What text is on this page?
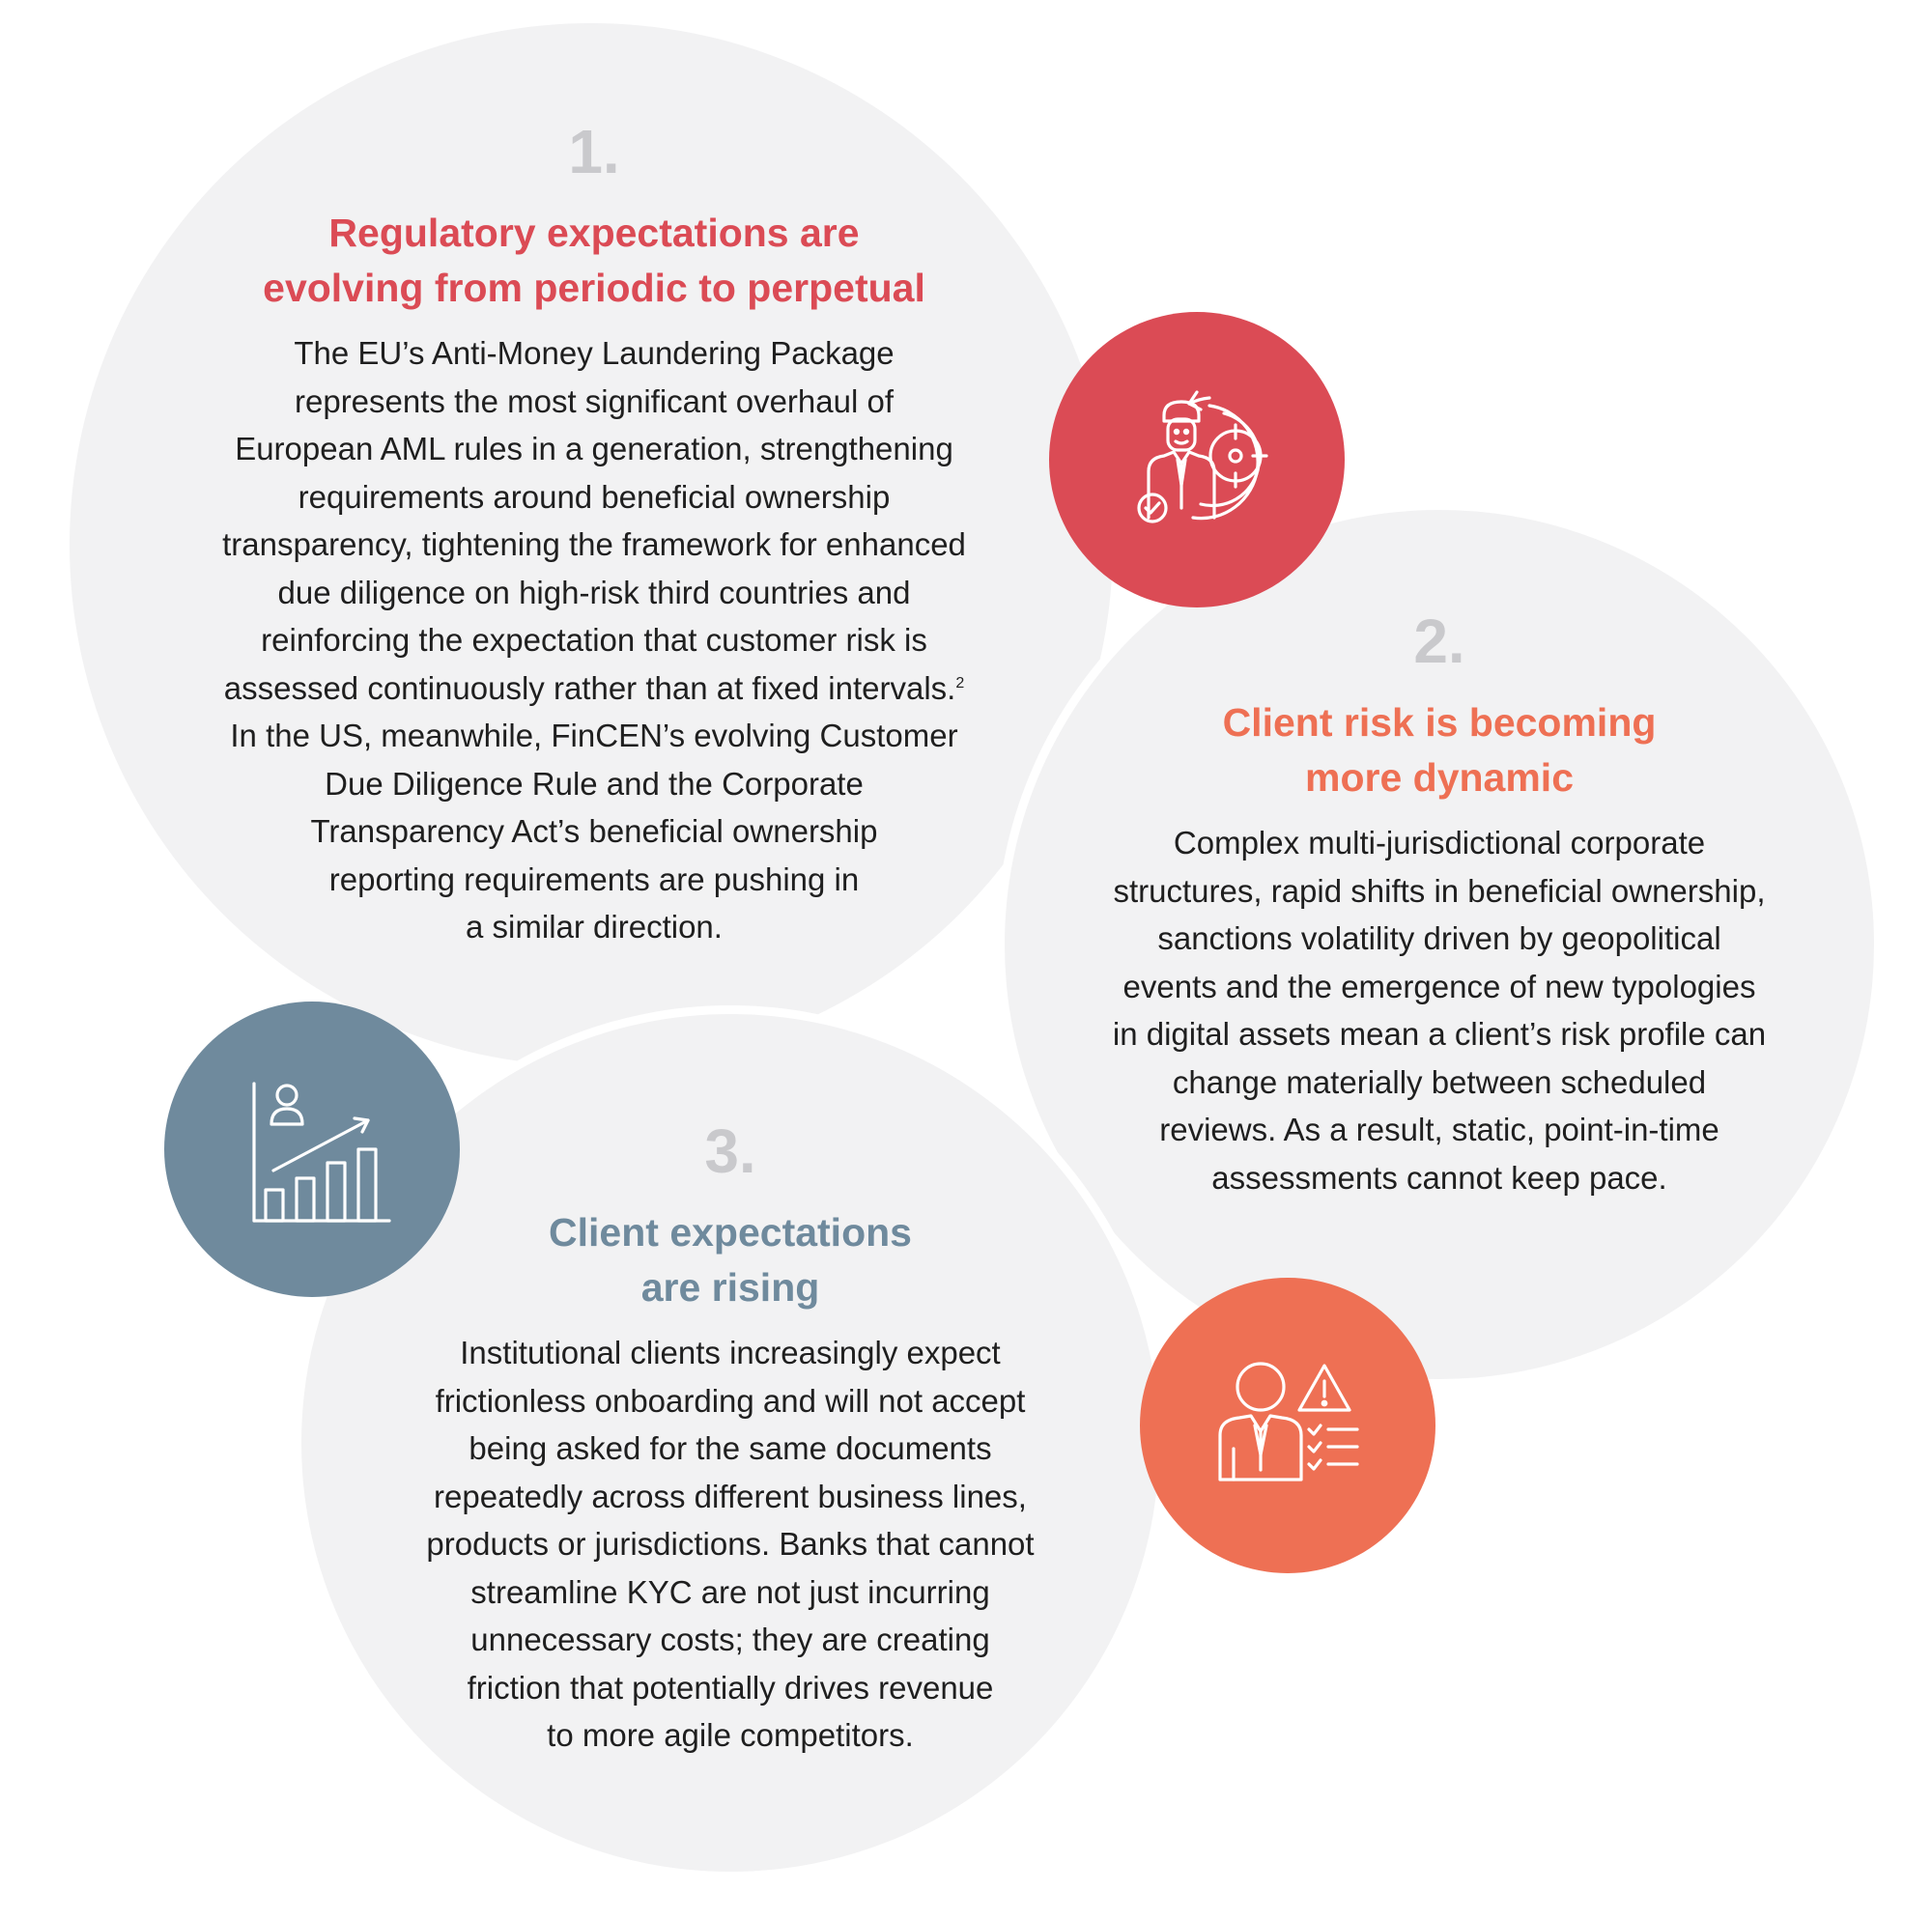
1.
Regulatory expectations are
evolving from periodic to perpetual

The EU’s Anti-Money Laundering Package

represents the most significant overhaul of

European AML rules in a generation, strengthening

requirements around beneficial ownership

transparency, tightening the framework for enhanced

due diligence on high-risk third countries and

reinforcing the expectation that customer risk is

assessed continuously rather than at fixed intervals.$^2$

In the US, meanwhile, FinCEN’s evolving Customer

Due Diligence Rule and the Corporate

Transparency Act’s beneficial ownership

reporting requirements are pushing in

a similar direction.

2.
Client risk is becoming
more dynamic

Complex multi-jurisdictional corporate

structures, rapid shifts in beneficial ownership,

sanctions volatility driven by geopolitical

events and the emergence of new typologies

in digital assets mean a client’s risk profile can

change materially between scheduled

reviews. As a result, static, point-in-time

assessments cannot keep pace.

3.
Client expectations
are rising

Institutional clients increasingly expect

frictionless onboarding and will not accept

being asked for the same documents

repeatedly across different business lines,

products or jurisdictions. Banks that cannot

streamline KYC are not just incurring

unnecessary costs; they are creating

friction that potentially drives revenue

to more agile competitors.
